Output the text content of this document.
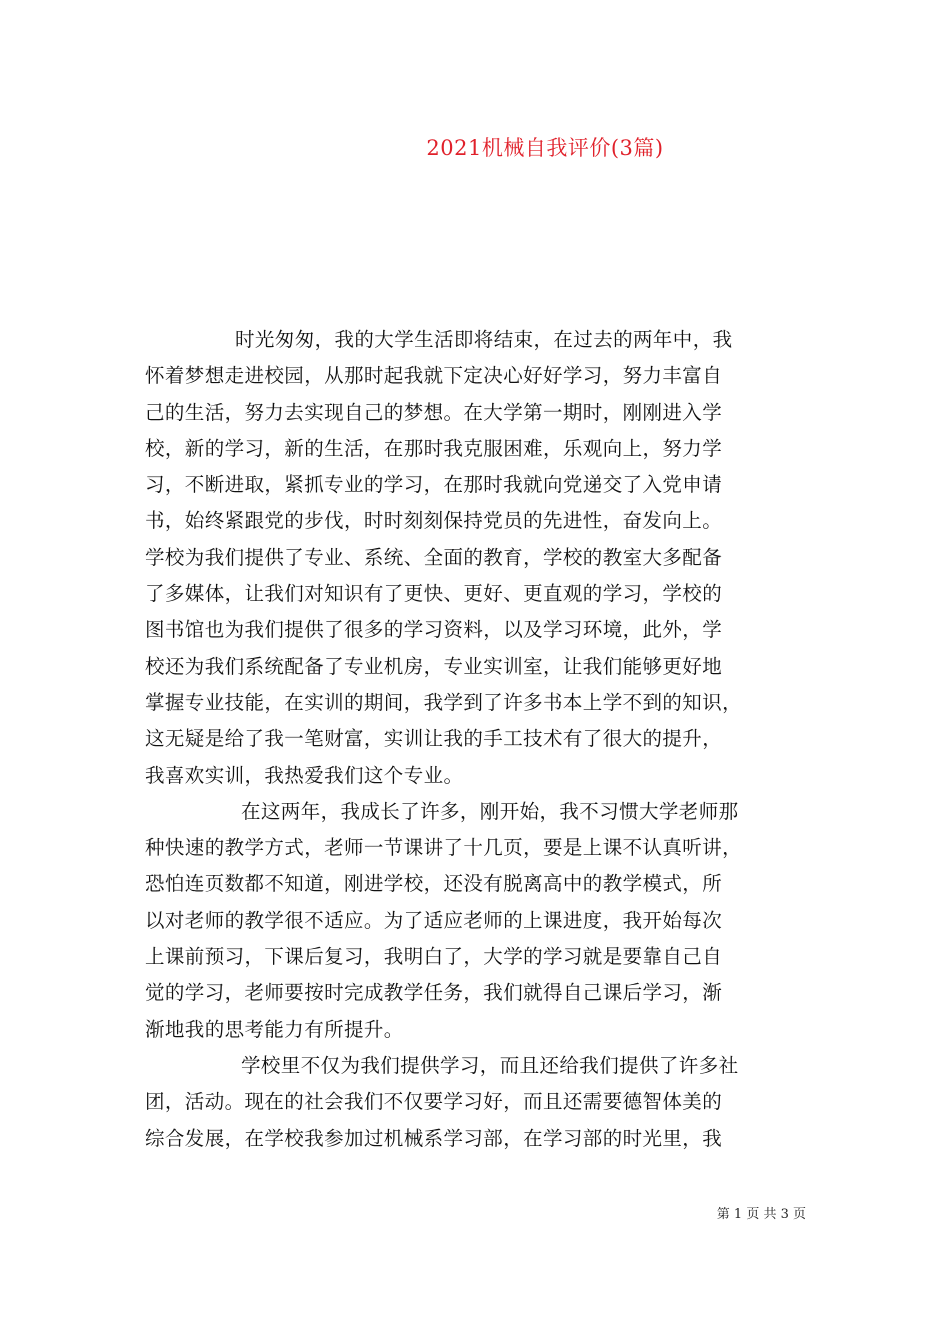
2021机械自我评价(3篇)
时光匆匆，我的大学生活即将结束，在过去的两年中，我
怀着梦想走进校园，从那时起我就下定决心好好学习，努力丰富自
己的生活，努力去实现自己的梦想。在大学第一期时，刚刚进入学
校，新的学习，新的生活，在那时我克服困难，乐观向上，努力学
习，不断进取，紧抓专业的学习，在那时我就向党递交了入党申请
书，始终紧跟党的步伐，时时刻刻保持党员的先进性，奋发向上。
学校为我们提供了专业、系统、全面的教育，学校的教室大多配备
了多媒体，让我们对知识有了更快、更好、更直观的学习，学校的
图书馆也为我们提供了很多的学习资料，以及学习环境，此外，学
校还为我们系统配备了专业机房，专业实训室，让我们能够更好地
掌握专业技能，在实训的期间，我学到了许多书本上学不到的知识，
这无疑是给了我一笔财富，实训让我的手工技术有了很大的提升，
我喜欢实训，我热爱我们这个专业。
在这两年，我成长了许多，刚开始，我不习惯大学老师那
种快速的教学方式，老师一节课讲了十几页，要是上课不认真听讲，
恐怕连页数都不知道，刚进学校，还没有脱离高中的教学模式，所
以对老师的教学很不适应。为了适应老师的上课进度，我开始每次
上课前预习，下课后复习，我明白了，大学的学习就是要靠自己自
觉的学习，老师要按时完成教学任务，我们就得自己课后学习，渐
渐地我的思考能力有所提升。
学校里不仅为我们提供学习，而且还给我们提供了许多社
团，活动。现在的社会我们不仅要学习好，而且还需要德智体美的
综合发展，在学校我参加过机械系学习部，在学习部的时光里，我
第 1 页 共 3 页
